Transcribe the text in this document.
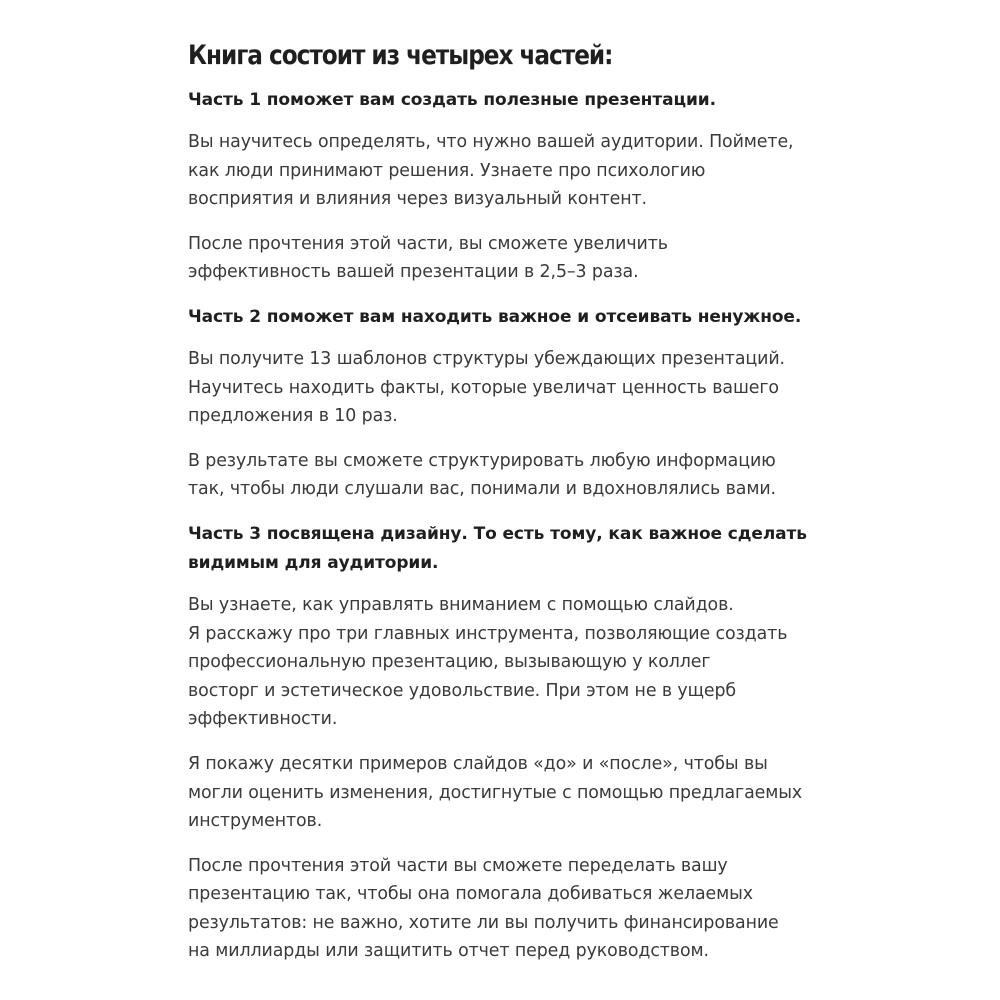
Книга состоит из четырех частей:
Часть 1 поможет вам создать полезные презентации.

Вы научитесь определять, что нужно вашей аудитории. Поймете,
как люди принимают решения. Узнаете про психологию
восприятия и влияния через визуальный контент.

После прочтения этой части, вы сможете увеличить
эффективность вашей презентации в 2,5–3 раза.

Часть 2 поможет вам находить важное и отсеивать ненужное.

Вы получите 13 шаблонов структуры убеждающих презентаций.
Научитесь находить факты, которые увеличат ценность вашего
предложения в 10 раз.

В результате вы сможете структурировать любую информацию
так, чтобы люди слушали вас, понимали и вдохновлялись вами.

Часть 3 посвящена дизайну. То есть тому, как важное сделать
видимым для аудитории.

Вы узнаете, как управлять вниманием с помощью слайдов.
Я расскажу про три главных инструмента, позволяющие создать
профессиональную презентацию, вызывающую у коллег
восторг и эстетическое удовольствие. При этом не в ущерб
эффективности.

Я покажу десятки примеров слайдов «до» и «после», чтобы вы
могли оценить изменения, достигнутые с помощью предлагаемых
инструментов.

После прочтения этой части вы сможете переделать вашу
презентацию так, чтобы она помогала добиваться желаемых
результатов: не важно, хотите ли вы получить финансирование
на миллиарды или защитить отчет перед руководством.
